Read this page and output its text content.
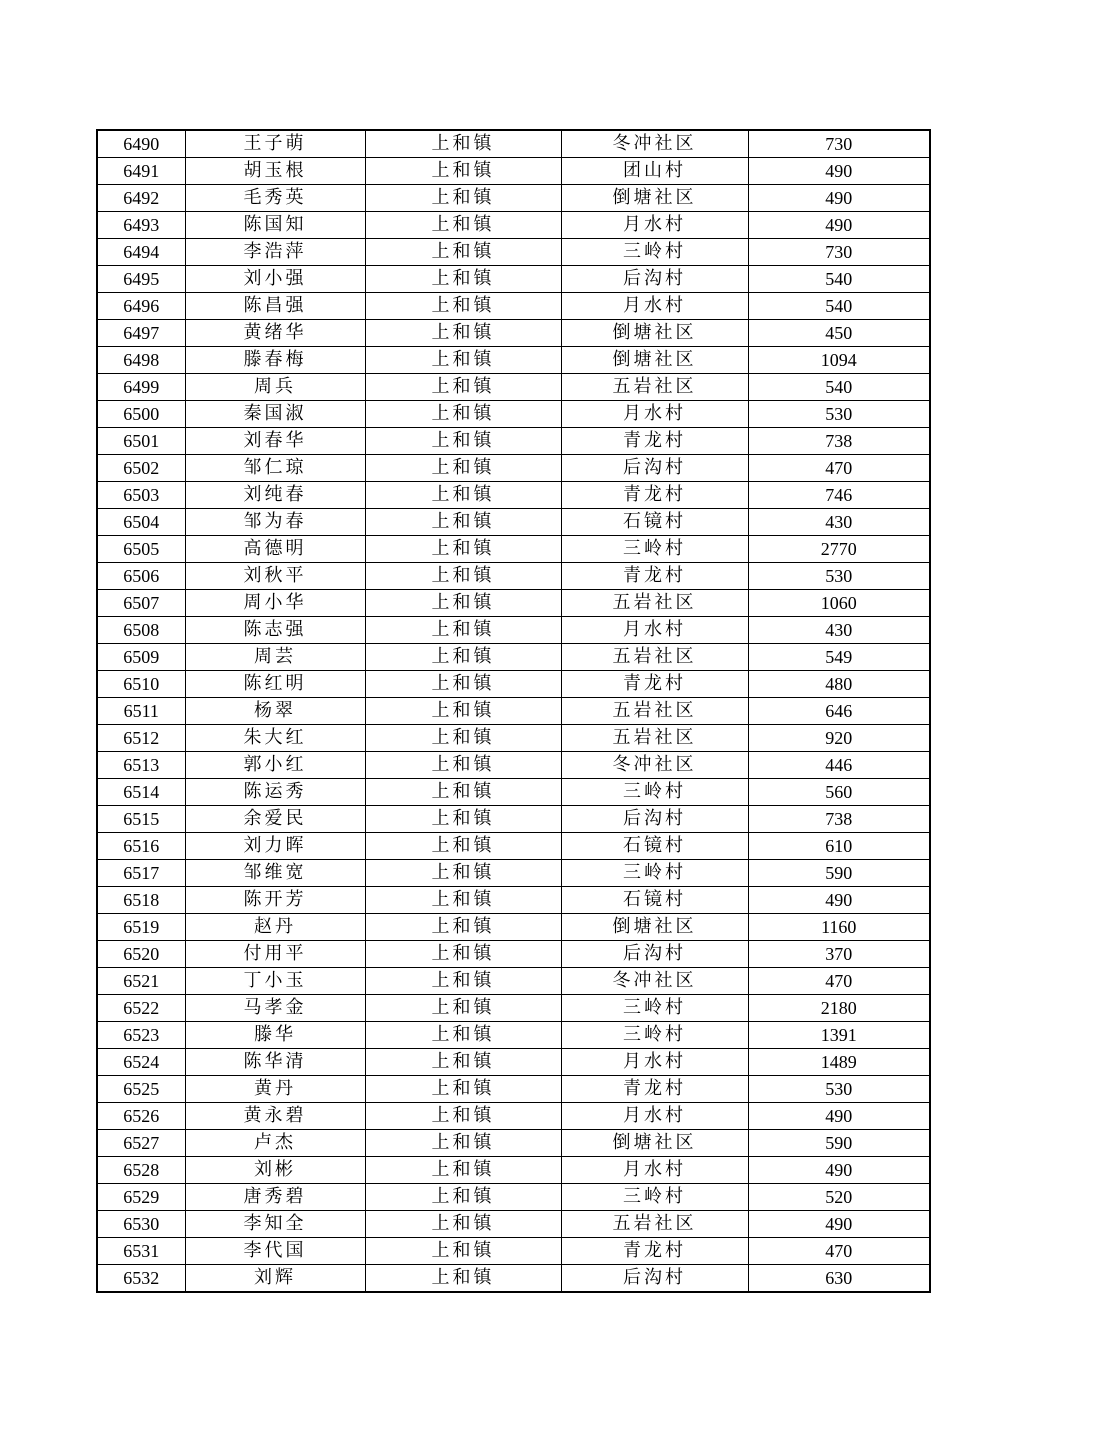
6490	王子萌	上和镇	冬冲社区	730
6491	胡玉根	上和镇	团山村	490
6492	毛秀英	上和镇	倒塘社区	490
6493	陈国知	上和镇	月水村	490
6494	李浩萍	上和镇	三岭村	730
6495	刘小强	上和镇	后沟村	540
6496	陈昌强	上和镇	月水村	540
6497	黄绪华	上和镇	倒塘社区	450
6498	滕春梅	上和镇	倒塘社区	1094
6499	周兵	上和镇	五岩社区	540
6500	秦国淑	上和镇	月水村	530
6501	刘春华	上和镇	青龙村	738
6502	邹仁琼	上和镇	后沟村	470
6503	刘纯春	上和镇	青龙村	746
6504	邹为春	上和镇	石镜村	430
6505	高德明	上和镇	三岭村	2770
6506	刘秋平	上和镇	青龙村	530
6507	周小华	上和镇	五岩社区	1060
6508	陈志强	上和镇	月水村	430
6509	周芸	上和镇	五岩社区	549
6510	陈红明	上和镇	青龙村	480
6511	杨翠	上和镇	五岩社区	646
6512	朱大红	上和镇	五岩社区	920
6513	郭小红	上和镇	冬冲社区	446
6514	陈运秀	上和镇	三岭村	560
6515	余爱民	上和镇	后沟村	738
6516	刘力晖	上和镇	石镜村	610
6517	邹维宽	上和镇	三岭村	590
6518	陈开芳	上和镇	石镜村	490
6519	赵丹	上和镇	倒塘社区	1160
6520	付用平	上和镇	后沟村	370
6521	丁小玉	上和镇	冬冲社区	470
6522	马孝金	上和镇	三岭村	2180
6523	滕华	上和镇	三岭村	1391
6524	陈华清	上和镇	月水村	1489
6525	黄丹	上和镇	青龙村	530
6526	黄永碧	上和镇	月水村	490
6527	卢杰	上和镇	倒塘社区	590
6528	刘彬	上和镇	月水村	490
6529	唐秀碧	上和镇	三岭村	520
6530	李知全	上和镇	五岩社区	490
6531	李代国	上和镇	青龙村	470
6532	刘辉	上和镇	后沟村	630
